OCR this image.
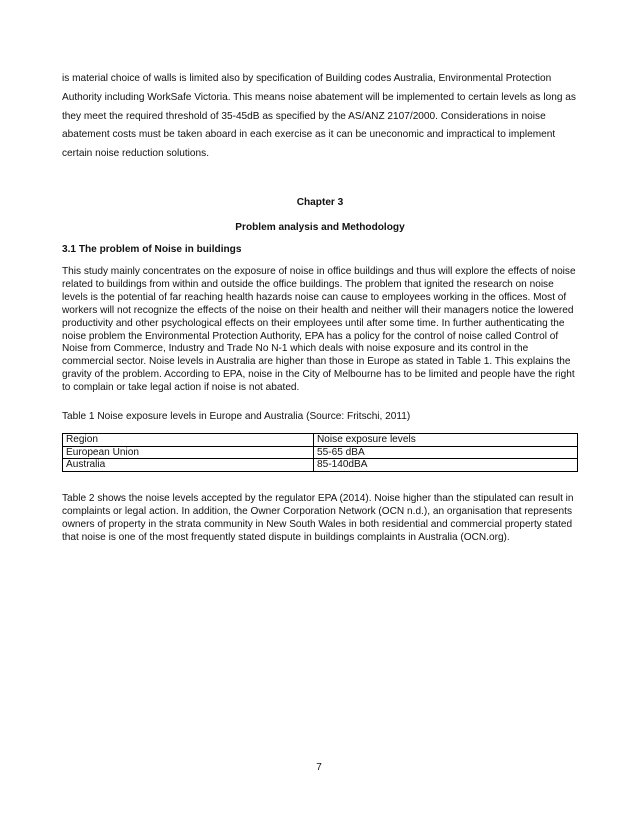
is material choice of walls is limited also by specification of Building codes Australia, Environmental Protection Authority including WorkSafe Victoria. This means noise abatement will be implemented to certain levels as long as they meet the required threshold of 35-45dB as specified by the AS/ANZ 2107/2000. Considerations in noise abatement costs must be taken aboard in each exercise as it can be uneconomic and impractical to implement certain noise reduction solutions.

Chapter 3

Problem analysis and Methodology

3.1 The problem of Noise in buildings

This study mainly concentrates on the exposure of noise in office buildings and thus will explore the effects of noise related to buildings from within and outside the office buildings. The problem that ignited the research on noise levels is the potential of far reaching health hazards noise can cause to employees working in the offices. Most of workers will not recognize the effects of the noise on their health and neither will their managers notice the lowered productivity and other psychological effects on their employees until after some time. In further authenticating the noise problem the Environmental Protection Authority, EPA has a policy for the control of noise called Control of Noise from Commerce, Industry and Trade No N-1 which deals with noise exposure and its control in the commercial sector. Noise levels in Australia are higher than those in Europe as stated in Table 1. This explains the gravity of the problem. According to EPA, noise in the City of Melbourne has to be limited and people have the right to complain or take legal action if noise is not abated.

Table 1 Noise exposure levels in Europe and Australia (Source: Fritschi, 2011)

Region	Noise exposure levels
European Union	55-65 dBA
Australia	85-140dBA

Table 2 shows the noise levels accepted by the regulator EPA (2014). Noise higher than the stipulated can result in complaints or legal action. In addition, the Owner Corporation Network (OCN n.d.), an organisation that represents owners of property in the strata community in New South Wales in both residential and commercial property stated that noise is one of the most frequently stated dispute in buildings complaints in Australia (OCN.org).

7
